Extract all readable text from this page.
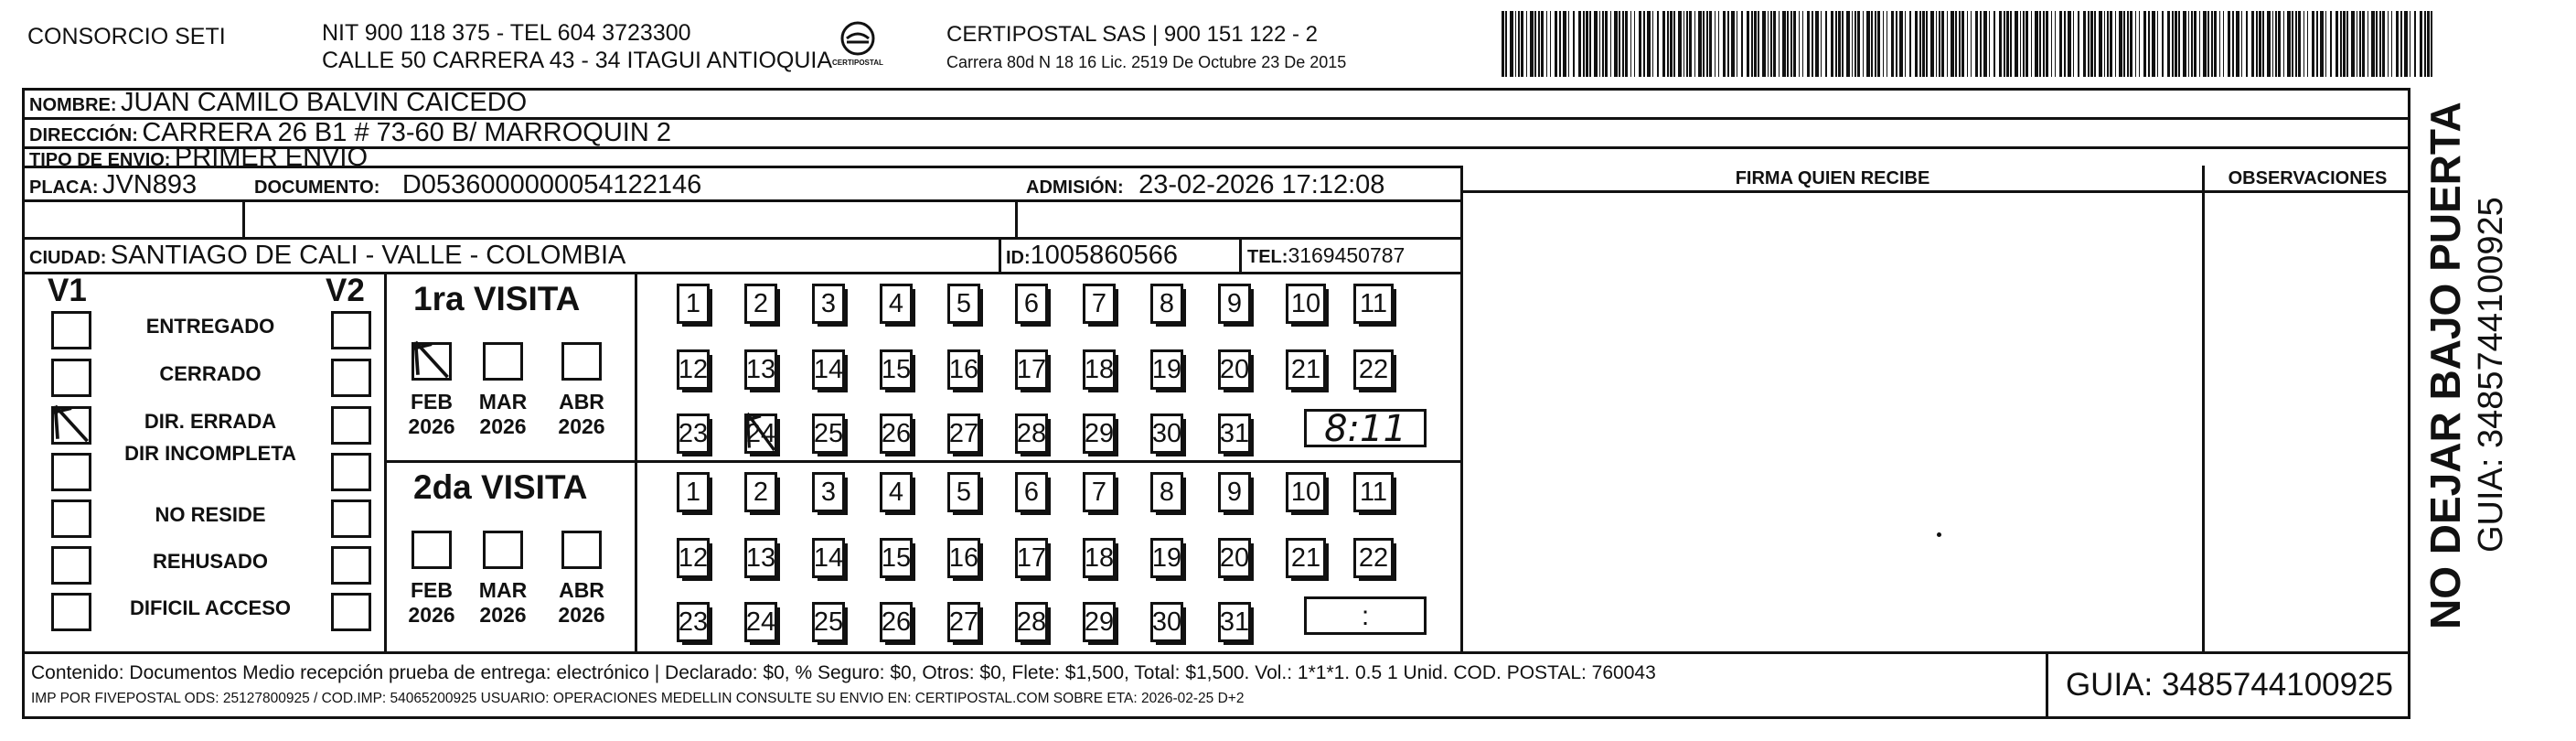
CONSORCIO SETI	NIT 900 118 375 - TEL 604 3723300
CALLE 50 CARRERA 43 - 34 ITAGUI ANTIOQUIA CERTIPOSTAL
CERTIPOSTAL SAS | 900 151 122 - 2
Carrera 80d N 18 16 Lic. 2519 De Octubre 23 De 2015
NOMBRE: JUAN CAMILO BALVIN CAICEDO
DIRECCIÓN: CARRERA 26 B1 # 73-60 B/ MARROQUIN 2
TIPO DE ENVIO: PRIMER ENVIO
PLACA: JVN893	DOCUMENTO: D0536000000054122146	ADMISIÓN: 23-02-2026 17:12:08
CIUDAD: SANTIAGO DE CALI - VALLE - COLOMBIA	ID:1005860566	TEL:3169450787
FIRMA QUIEN RECIBE	OBSERVACIONES
V1	V2
ENTREGADO
CERRADO
DIR. ERRADA
DIR INCOMPLETA
NO RESIDE
REHUSADO
DIFICIL ACCESO
1ra VISITA
FEB
2026
MAR
2026
ABR
2026
1 2 3 4 5 6 7 8 9 10 11
12 13 14 15 16 17 18 19 20 21 22
23 24 25 26 27 28 29 30 31	8:11
2da VISITA
FEB
2026
MAR
2026
ABR
2026
1 2 3 4 5 6 7 8 9 10 11
12 13 14 15 16 17 18 19 20 21 22
23 24 25 26 27 28 29 30 31	:
Contenido: Documentos Medio recepción prueba de entrega: electrónico | Declarado: $0, % Seguro: $0, Otros: $0, Flete: $1,500, Total: $1,500. Vol.: 1*1*1. 0.5 1 Unid. COD. POSTAL: 760043
IMP POR FIVEPOSTAL ODS: 25127800925 / COD.IMP: 54065200925 USUARIO: OPERACIONES MEDELLIN CONSULTE SU ENVIO EN: CERTIPOSTAL.COM SOBRE ETA: 2026-02-25 D+2	GUIA: 3485744100925
NO DEJAR BAJO PUERTA GUIA: 3485744100925
